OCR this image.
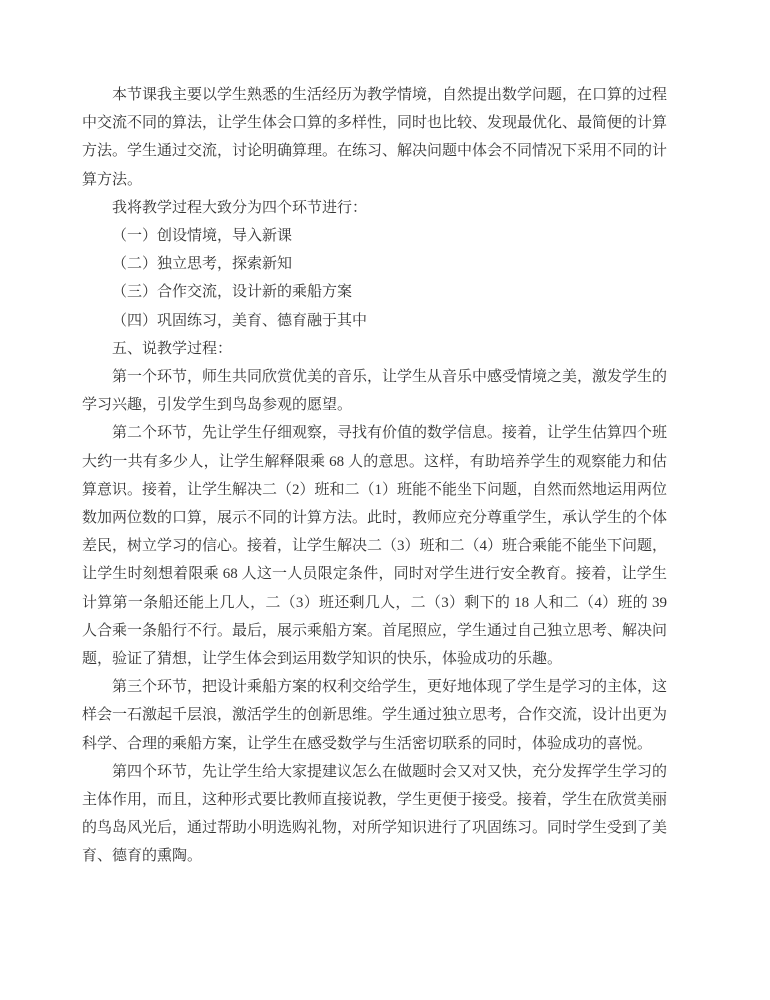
本节课我主要以学生熟悉的生活经历为教学情境，自然提出数学问题，在口算的过程中交流不同的算法，让学生体会口算的多样性，同时也比较、发现最优化、最简便的计算方法。学生通过交流，讨论明确算理。在练习、解决问题中体会不同情况下采用不同的计算方法。

我将教学过程大致分为四个环节进行：

（一）创设情境，导入新课

（二）独立思考，探索新知

（三）合作交流，设计新的乘船方案

（四）巩固练习，美育、德育融于其中

五、说教学过程：

第一个环节，师生共同欣赏优美的音乐，让学生从音乐中感受情境之美，激发学生的学习兴趣，引发学生到鸟岛参观的愿望。

第二个环节，先让学生仔细观察，寻找有价值的数学信息。接着，让学生估算四个班大约一共有多少人，让学生解释限乘 68 人的意思。这样，有助培养学生的观察能力和估算意识。接着，让学生解决二（2）班和二（1）班能不能坐下问题，自然而然地运用两位数加两位数的口算，展示不同的计算方法。此时，教师应充分尊重学生，承认学生的个体差民，树立学习的信心。接着，让学生解决二（3）班和二（4）班合乘能不能坐下问题，让学生时刻想着限乘 68 人这一人员限定条件，同时对学生进行安全教育。接着，让学生计算第一条船还能上几人，二（3）班还剩几人，二（3）剩下的 18 人和二（4）班的 39 人合乘一条船行不行。最后，展示乘船方案。首尾照应，学生通过自己独立思考、解决问题，验证了猜想，让学生体会到运用数学知识的快乐，体验成功的乐趣。

第三个环节，把设计乘船方案的权利交给学生，更好地体现了学生是学习的主体，这样会一石激起千层浪，激活学生的创新思维。学生通过独立思考，合作交流，设计出更为科学、合理的乘船方案，让学生在感受数学与生活密切联系的同时，体验成功的喜悦。

第四个环节，先让学生给大家提建议怎么在做题时会又对又快，充分发挥学生学习的主体作用，而且，这种形式要比教师直接说教，学生更便于接受。接着，学生在欣赏美丽的鸟岛风光后，通过帮助小明选购礼物，对所学知识进行了巩固练习。同时学生受到了美育、德育的熏陶。
